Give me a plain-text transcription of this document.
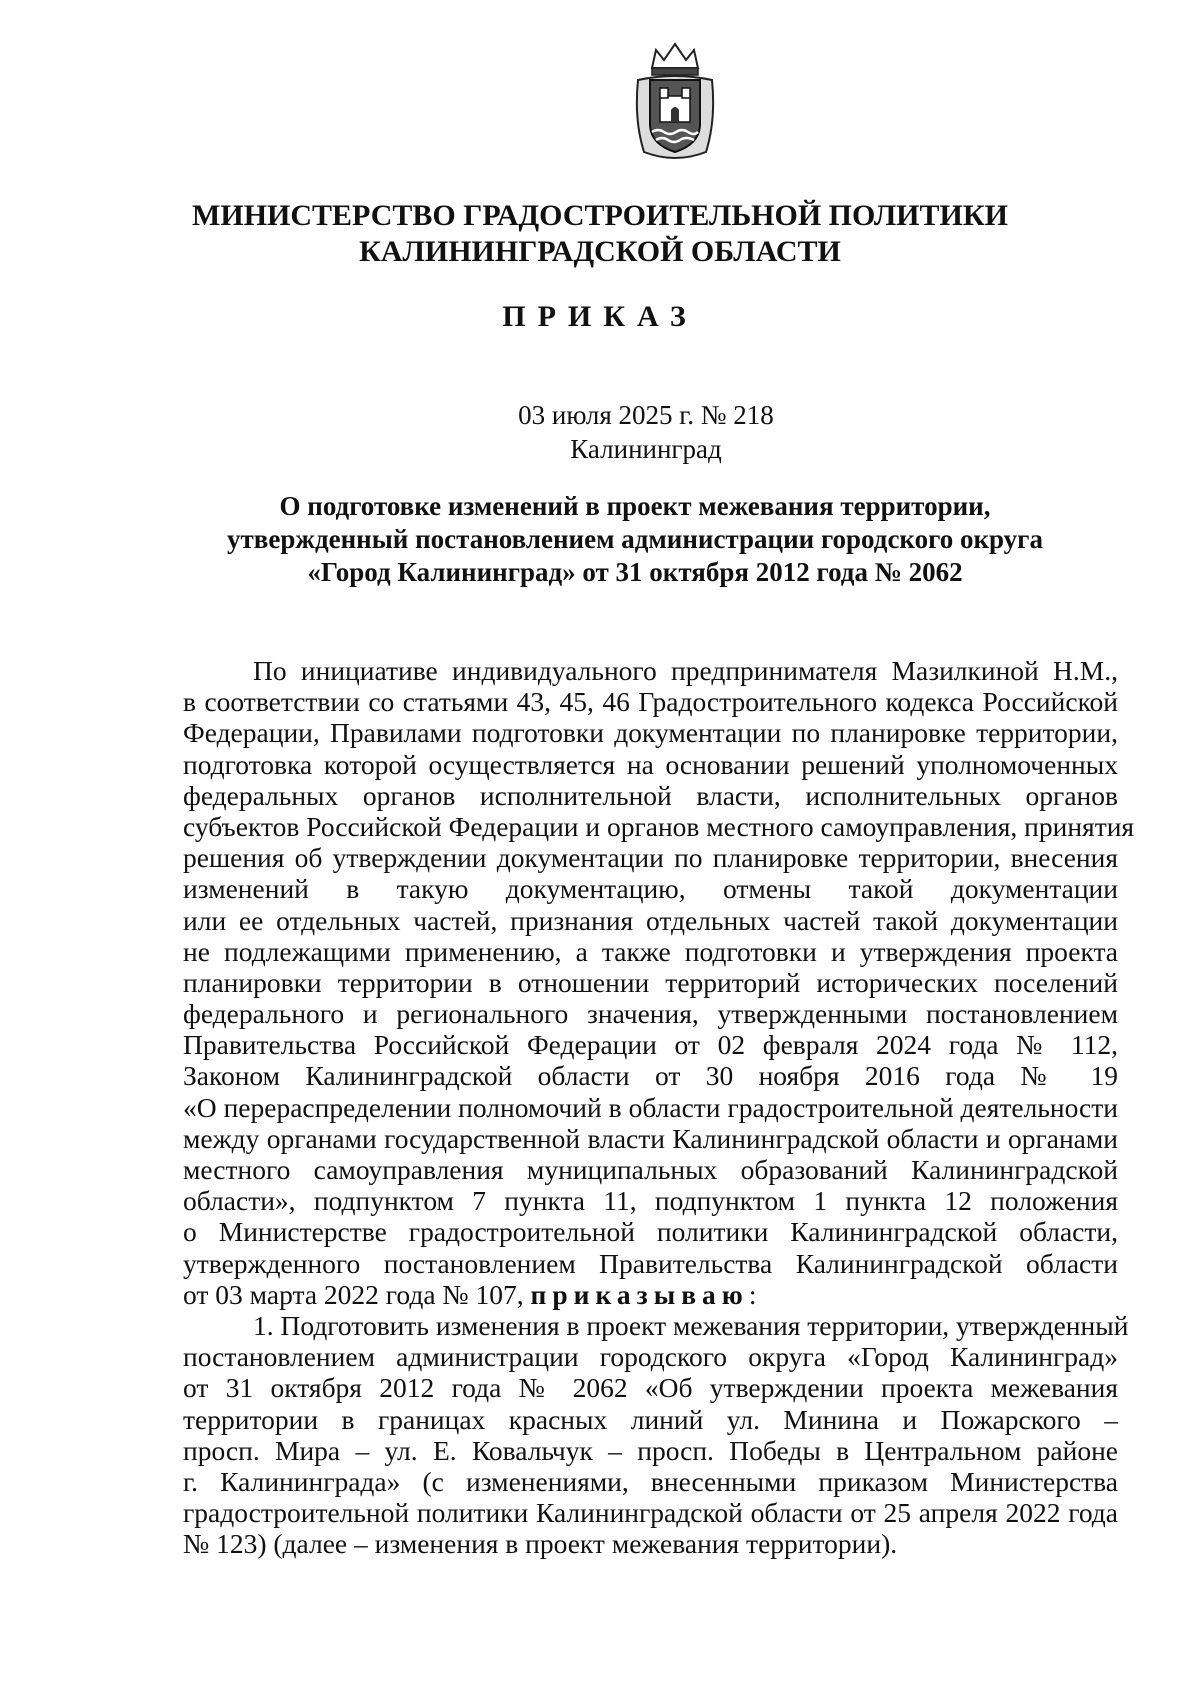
МИНИСТЕРСТВО ГРАДОСТРОИТЕЛЬНОЙ ПОЛИТИКИ
КАЛИНИНГРАДСКОЙ ОБЛАСТИ
ПРИКАЗ
03 июля 2025 г. № 218
Калининград
О подготовке изменений в проект межевания территории,
утвержденный постановлением администрации городского округа
«Город Калининград» от 31 октября 2012 года № 2062
По инициативе индивидуального предпринимателя Мазилкиной Н.М.,
в соответствии со статьями 43, 45, 46 Градостроительного кодекса Российской
Федерации, Правилами подготовки документации по планировке территории,
подготовка которой осуществляется на основании решений уполномоченных
федеральных органов исполнительной власти, исполнительных органов
субъектов Российской Федерации и органов местного самоуправления, принятия
решения об утверждении документации по планировке территории, внесения
изменений в такую документацию, отмены такой документации
или ее отдельных частей, признания отдельных частей такой документации
не подлежащими применению, а также подготовки и утверждения проекта
планировки территории в отношении территорий исторических поселений
федерального и регионального значения, утвержденными постановлением
Правительства Российской Федерации от 02 февраля 2024 года № 112,
Законом Калининградской области от 30 ноября 2016 года № 19
«О перераспределении полномочий в области градостроительной деятельности
между органами государственной власти Калининградской области и органами
местного самоуправления муниципальных образований Калининградской
области», подпунктом 7 пункта 11, подпунктом 1 пункта 12 положения
о Министерстве градостроительной политики Калининградской области,
утвержденного постановлением Правительства Калининградской области
от 03 марта 2022 года № 107, приказываю:
1. Подготовить изменения в проект межевания территории, утвержденный
постановлением администрации городского округа «Город Калининград»
от 31 октября 2012 года № 2062 «Об утверждении проекта межевания
территории в границах красных линий ул. Минина и Пожарского –
просп. Мира – ул. Е. Ковальчук – просп. Победы в Центральном районе
г. Калининграда» (с изменениями, внесенными приказом Министерства
градостроительной политики Калининградской области от 25 апреля 2022 года
№ 123) (далее – изменения в проект межевания территории).
